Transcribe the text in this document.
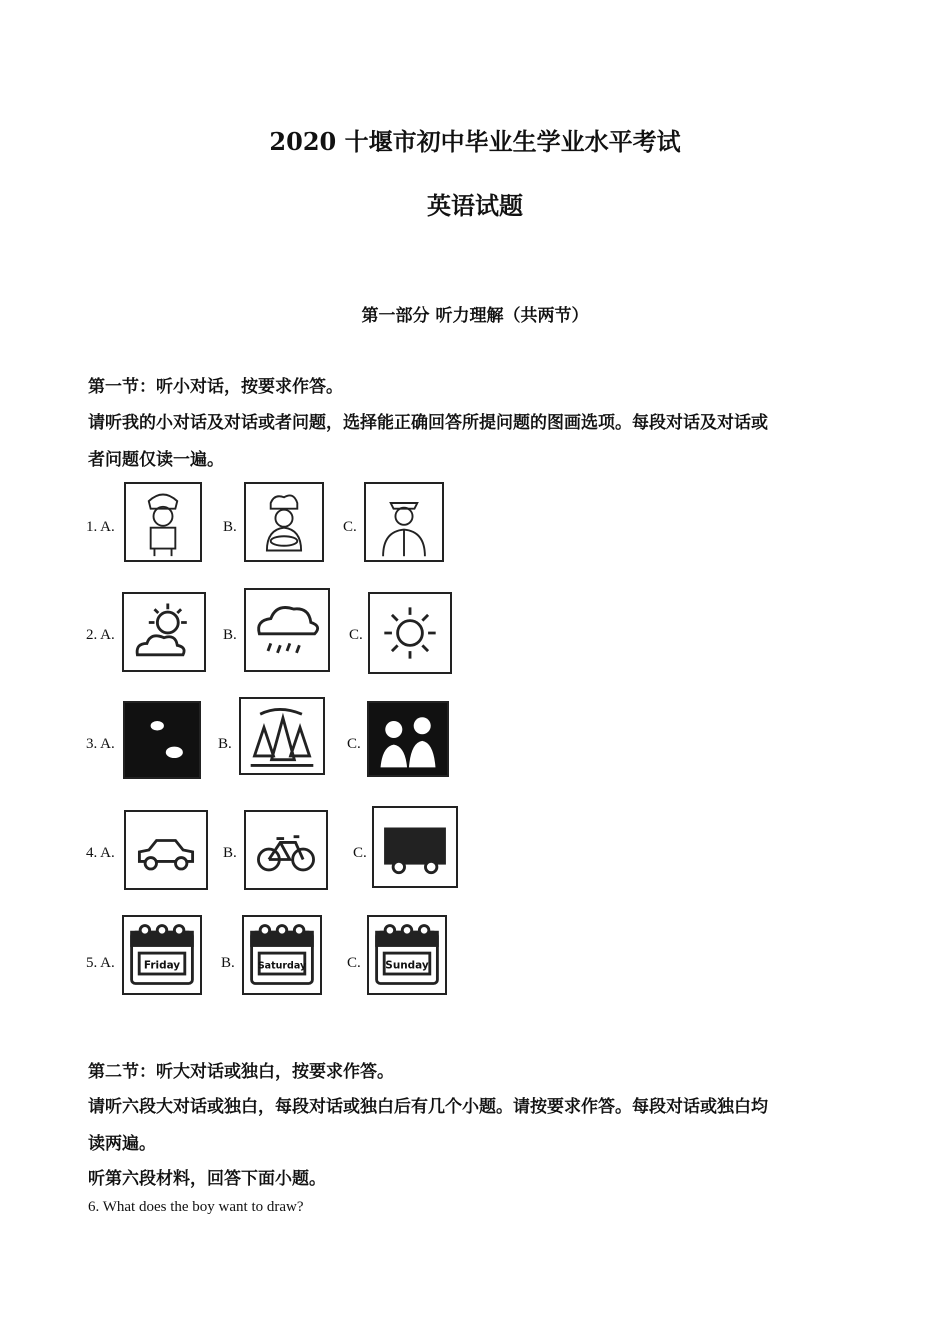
2020 十堰市初中毕业生学业水平考试
英语试题
第一部分 听力理解（共两节）
第一节：听小对话，按要求作答。
请听我的小对话及对话或者问题，选择能正确回答所提问题的图画选项。每段对话及对话或
者问题仅读一遍。
1. A.	B.	C.
2. A.	B.	C.
3. A.	B.	C.
4. A.	B.	C.
5. A.	Friday	B. Saturday	C. Sunday
第二节：听大对话或独白，按要求作答。
请听六段大对话或独白，每段对话或独白后有几个小题。请按要求作答。每段对话或独白均
读两遍。
听第六段材料，回答下面小题。
6. What does the boy want to draw?
